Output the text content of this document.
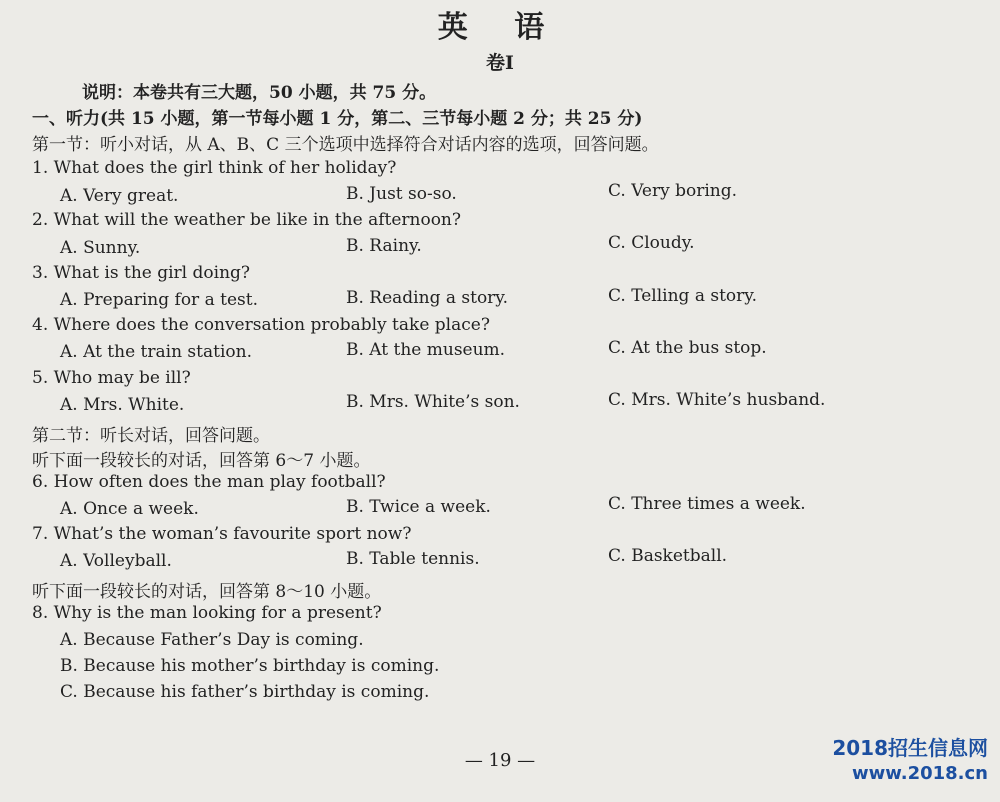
英 语
卷Ⅰ
说明：本卷共有三大题，50 小题，共 75 分。
一、听力(共 15 小题，第一节每小题 1 分，第二、三节每小题 2 分；共 25 分)
第一节：听小对话，从 A、B、C 三个选项中选择符合对话内容的选项，回答问题。
1. What does the girl think of her holiday?
A. Very great.	B. Just so-so.	C. Very boring.
2. What will the weather be like in the afternoon?
A. Sunny.	B. Rainy.	C. Cloudy.
3. What is the girl doing?
A. Preparing for a test.	B. Reading a story.	C. Telling a story.
4. Where does the conversation probably take place?
A. At the train station.	B. At the museum.	C. At the bus stop.
5. Who may be ill?
A. Mrs. White.	B. Mrs. White’s son.	C. Mrs. White’s husband.
第二节：听长对话，回答问题。
听下面一段较长的对话，回答第 6～7 小题。
6. How often does the man play football?
A. Once a week.	B. Twice a week.	C. Three times a week.
7. What’s the woman’s favourite sport now?
A. Volleyball.	B. Table tennis.	C. Basketball.
听下面一段较长的对话，回答第 8～10 小题。
8. Why is the man looking for a present?
A. Because Father’s Day is coming.
B. Because his mother’s birthday is coming.
C. Because his father’s birthday is coming.
— 19 —
2018招生信息网
www.2018.cn
